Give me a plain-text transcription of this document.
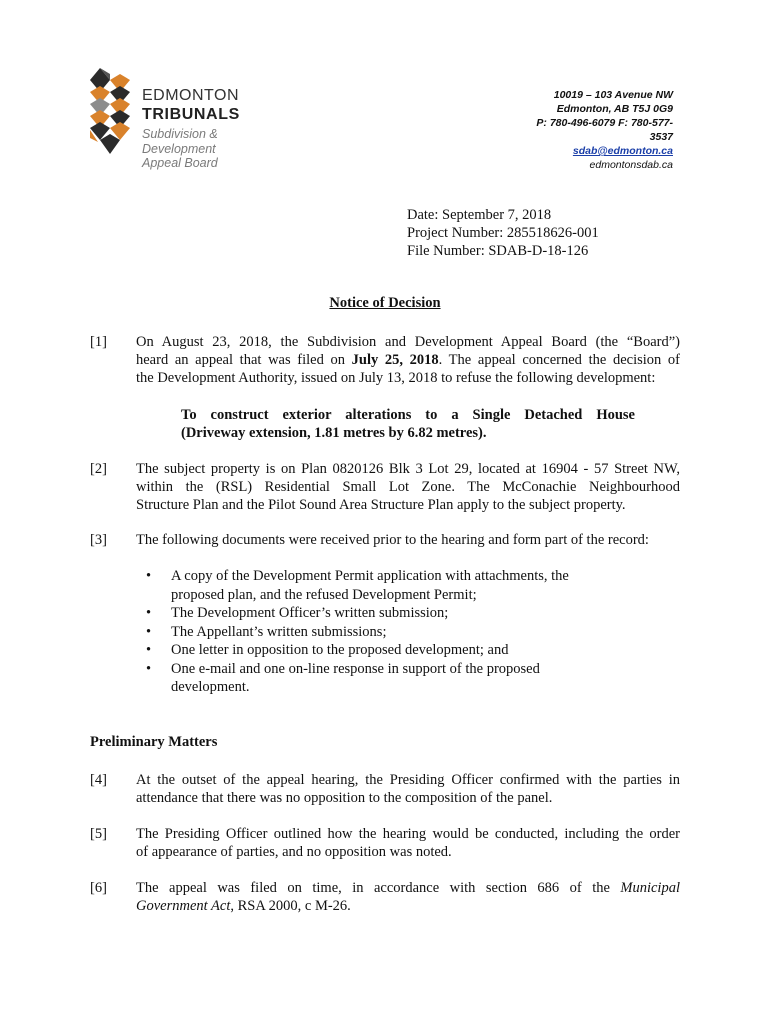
EDMONTON
TRIBUNALS
Subdivision &
Development
Appeal Board
10019 – 103 Avenue NW
Edmonton, AB T5J 0G9
P: 780-496-6079 F: 780-577-
3537
sdab@edmonton.ca
edmontonsdab.ca
Date: September 7, 2018
Project Number: 285518626-001
File Number: SDAB-D-18-126
Notice of Decision
[1] On August 23, 2018, the Subdivision and Development Appeal Board (the “Board”)
heard an appeal that was filed on July 25, 2018. The appeal concerned the decision of
the Development Authority, issued on July 13, 2018 to refuse the following development:
To construct exterior alterations to a Single Detached House
(Driveway extension, 1.81 metres by 6.82 metres).
[2] The subject property is on Plan 0820126 Blk 3 Lot 29, located at 16904 - 57 Street NW,
within the (RSL) Residential Small Lot Zone. The McConachie Neighbourhood
Structure Plan and the Pilot Sound Area Structure Plan apply to the subject property.
[3] The following documents were received prior to the hearing and form part of the record:
• A copy of the Development Permit application with attachments, the proposed plan, and the refused Development Permit;
• The Development Officer’s written submission;
• The Appellant’s written submissions;
• One letter in opposition to the proposed development; and
• One e-mail and one on-line response in support of the proposed development.
Preliminary Matters
[4] At the outset of the appeal hearing, the Presiding Officer confirmed with the parties in
attendance that there was no opposition to the composition of the panel.
[5] The Presiding Officer outlined how the hearing would be conducted, including the order
of appearance of parties, and no opposition was noted.
[6] The appeal was filed on time, in accordance with section 686 of the Municipal
Government Act, RSA 2000, c M-26.
